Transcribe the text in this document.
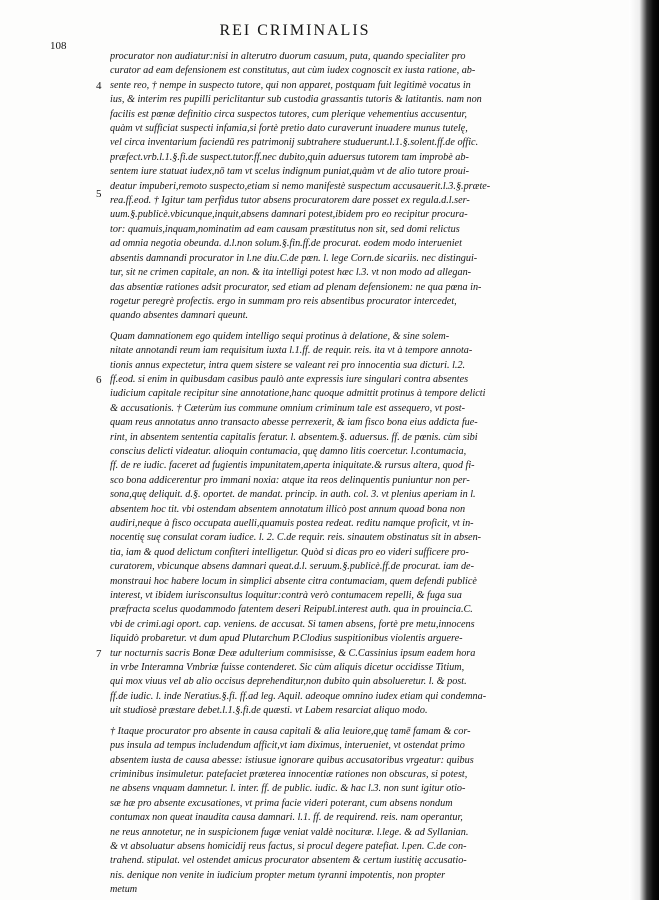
108
REI CRIMINALIS
4
5
6
7
procurator non audiatur:nisi in alterutro duorum casuum, puta, quando specialiter pro
curator ad eam defensionem est constitutus, aut cùm iudex cognoscit ex iusta ratione, ab-
sente reo, † nempe in suspecto tutore, qui non apparet, postquam fuit legitimè vocatus in
ius, & interim res pupilli periclitantur sub custodia grassantis tutoris & latitantis. nam non
facilis est pœnæ definitio circa suspectos tutores, cum plerique vehementius accusentur,
quàm vt sufficiat suspecti infamia,si fortè pretio dato curaverunt inuadere munus tutelę,
vel circa inventarium faciendū res patrimonij subtrahere studuerunt.l.1.§.solent.ff.de offic.
præfect.vrb.l.1.§.fi.de suspect.tutor.ff.nec dubito,quin aduersus tutorem tam improbè ab-
sentem iure statuat iudex,nō tam vt scelus indignum puniat,quàm vt de alio tutore proui-
deatur impuberi,remoto suspecto,etiam si nemo manifestè suspectum accusauerit.l.3.§.præte-
rea.ff.eod. † Igitur tam perfidus tutor absens procuratorem dare posset ex regula.d.l.ser-
uum.§.publicè.vbicunque,inquit,absens damnari potest,ibidem pro eo recipitur procura-
tor: quamuis,inquam,nominatim ad eam causam præstitutus non sit, sed domi relictus
ad omnia negotia obeunda. d.l.non solum.§.fin.ff.de procurat. eodem modo interueniet
absentis damnandi procurator in l.ne diu.C.de pœn. l. lege Corn.de sicariis. nec distingui-
tur, sit ne crimen capitale, an non. & ita intelligi potest hæc l.3. vt non modo ad allegan-
das absentiæ rationes adsit procurator, sed etiam ad plenam defensionem: ne qua pœna in-
rogetur peregrè profectis. ergo in summam pro reis absentibus procurator intercedet,
quando absentes damnari queunt.
Quam damnationem ego quidem intelligo sequi protinus à delatione, & sine solem-
nitate annotandi reum iam requisitum iuxta l.1.ff. de requir. reis. ita vt à tempore annota-
tionis annus expectetur, intra quem sistere se valeant rei pro innocentia sua dicturi. l.2.
ff.eod. si enim in quibusdam casibus paulò ante expressis iure singulari contra absentes
iudicium capitale recipitur sine annotatione,hanc quoque admittit protinus à tempore delicti
& accusationis. † Cæterùm ius commune omnium criminum tale est assequero, vt post-
quam reus annotatus anno transacto abesse perrexerit, & iam fisco bona eius addicta fue-
rint, in absentem sententia capitalis feratur. l. absentem.§. aduersus. ff. de pœnis. cùm sibi
conscius delicti videatur. alioquin contumacia, quę damno litis coercetur. l.contumacia,
ff. de re iudic. faceret ad fugientis impunitatem,aperta iniquitate.& rursus altera, quod fi-
sco bona addicerentur pro immani noxia: atque ita reos delinquentis puniuntur non per-
sona,quę deliquit. d.§. oportet. de mandat. princip. in auth. col. 3. vt plenius aperiam in l.
absentem hoc tit. vbi ostendam absentem annotatum illicò post annum quoad bona non
audiri,neque à fisco occupata auelli,quamuis postea redeat. reditu namque proficit, vt in-
nocentię suę consulat coram iudice. l. 2. C.de requir. reis. sinautem obstinatus sit in absen-
tia, iam & quod delictum confiteri intelligetur. Quòd si dicas pro eo videri sufficere pro-
curatorem, vbicunque absens damnari queat.d.l. seruum.§.publicè.ff.de procurat. iam de-
monstraui hoc habere locum in simplici absente citra contumaciam, quem defendi publicè
interest, vt ibidem iurisconsultus loquitur:contrà verò contumacem repelli, & fuga sua
præfracta scelus quodammodo fatentem deseri Reipubl.interest auth. qua in prouincia.C.
vbi de crimi.agi oport. cap. veniens. de accusat. Si tamen absens, fortè pre metu,innocens
liquidò probaretur. vt dum apud Plutarchum P.Clodius suspitionibus violentis arguere-
tur nocturnis sacris Bonæ Deæ adulterium commisisse, & C.Cassinius ipsum eadem hora
in vrbe Interamna Vmbriæ fuisse contenderet. Sic cùm aliquis dicetur occidisse Titium,
qui mox viuus vel ab alio occisus deprehenditur,non dubito quin absolueretur. l. & post.
ff.de iudic. l. inde Neratius.§.fi. ff.ad leg. Aquil. adeoque omnino iudex etiam qui condemna-
uit studiosè præstare debet.l.1.§.fi.de quæsti. vt Labem resarciat aliquo modo.
† Itaque procurator pro absente in causa capitali & alia leuiore,quę tamē famam & cor-
pus insula ad tempus includendum afficit,vt iam diximus, interueniet, vt ostendat primo
absentem iusta de causa abesse: istiusue ignorare quibus accusatoribus vrgeatur: quibus
criminibus insimuletur. patefaciet præterea innocentiæ rationes non obscuras, si potest,
ne absens vnquam damnetur. l. inter. ff. de public. iudic. & hac l.3. non sunt igitur otio-
sæ hæ pro absente excusationes, vt prima facie videri poterant, cum absens nondum
contumax non queat inaudita causa damnari. l.1. ff. de requirend. reis. nam operantur,
ne reus annotetur, ne in suspicionem fugæ veniat valdè nocituræ. l.lege. & ad Syllanian.
& vt absoluatur absens homicidij reus factus, si procul degere patefiat. l.pen. C.de con-
trahend. stipulat. vel ostendet amicus procurator absentem & certum iustitię accusatio-
nis. denique non venite in iudicium propter metum tyranni impotentis, non propter
metum
